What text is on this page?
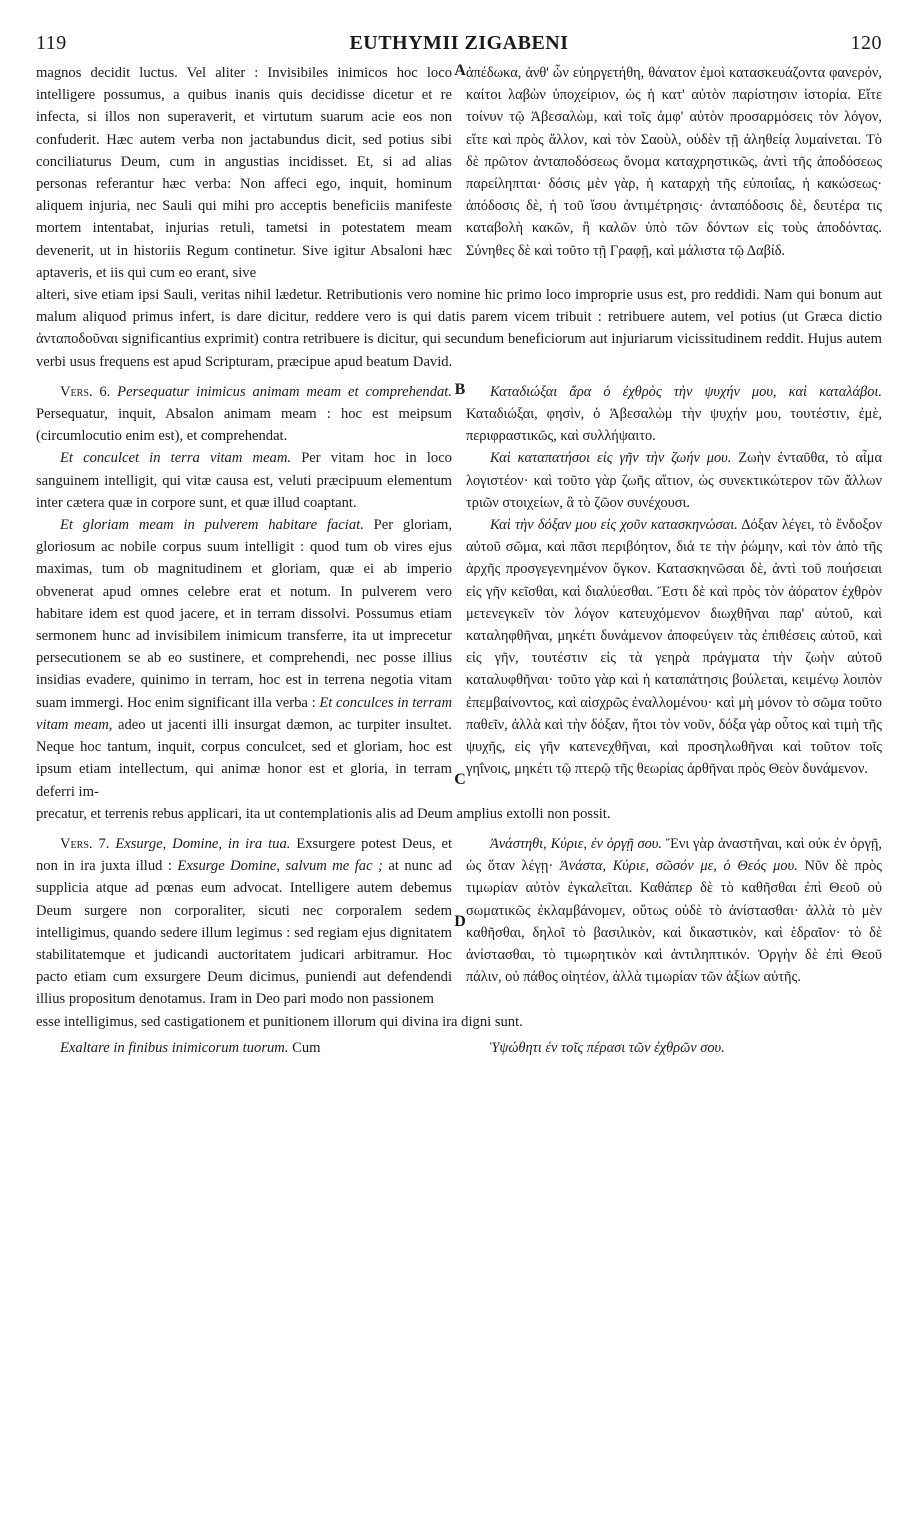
119	EUTHYMII ZIGABENI	120
A

magnos decidit luctus. Vel aliter : Invisibiles inimicos hoc loco intelligere possumus, a quibus inanis quis decidisse dicetur et re infecta, si illos non superaverit, et virtutum suarum acie eos non confuderit. Hæc autem verba non jactabundus dicit, sed potius sibi conciliaturus Deum, cum in angustias incidisset. Et, si ad alias personas referantur hæc verba: Non affeci ego, inquit, hominum aliquem injuria, nec Sauli qui mihi pro acceptis beneficiis manifeste mortem intentabat, injurias retuli, tametsi in potestatem meam devenerit, ut in historiis Regum continetur. Sive igitur Absaloni hæc aptaveris, et iis qui cum eo erant, sive

ἀπέδωκα, ἀνθ' ὧν εὐηργετήθη, θάνατον ἐμοὶ κατασκευάζοντα φανερόν, καίτοι λαβὼν ὑποχείριον, ὡς ἡ κατ' αὐτὸν παρίστησιν ἱστορία. Εἴτε τοίνυν τῷ Ἀβεσαλὼμ, καὶ τοῖς ἀμφ' αὐτὸν προσαρμόσεις τὸν λόγον, εἴτε καὶ πρὸς ἄλλον, καὶ τὸν Σαοὺλ, οὐδὲν τῇ ἀληθείᾳ λυμαίνεται. Τὸ δὲ πρῶτον ἀνταποδόσεως ὄνομα καταχρηστικῶς, ἀντὶ τῆς ἀποδόσεως παρείληπται· δόσις μὲν γὰρ, ἡ καταρχὴ τῆς εὐποιΐας, ἡ κακώσεως· ἀπόδοσις δὲ, ἡ τοῦ ἴσου ἀντιμέτρησις· ἀνταπόδοσις δὲ, δευτέρα τις καταβολὴ κακῶν, ἢ καλῶν ὑπὸ τῶν δόντων εἰς τοὺς ἀποδόντας. Σύνηθες δὲ καὶ τοῦτο τῇ Γραφῇ, καὶ μάλιστα τῷ Δαβίδ.

alteri, sive etiam ipsi Sauli, veritas nihil lædetur. Retributionis vero nomine hic primo loco improprie usus est, pro reddidi. Nam qui bonum aut malum aliquod primus infert, is dare dicitur, reddere vero is qui datis parem vicem tribuit : retribuere autem, vel potius (ut Græca dictio ἀνταποδοῦναι significantius exprimit) contra retribuere is dicitur, qui secundum beneficiorum aut injuriarum vicissitudinem reddit. Hujus autem verbi usus frequens est apud Scripturam, præcipue apud beatum David.

B

Vers. 6. Persequatur inimicus animam meam et comprehendat. Persequatur, inquit, Absalon animam meam : hoc est meipsum (circumlocutio enim est), et comprehendat.

Et conculcet in terra vitam meam. Per vitam hoc in loco sanguinem intelligit, qui vitæ causa est, veluti præcipuum elementum inter cætera quæ in corpore sunt, et quæ illud coaptant.

Et gloriam meam in pulverem habitare faciat. Per gloriam, gloriosum ac nobile corpus suum intelligit : quod tum ob vires ejus maximas, tum ob magnitudinem et gloriam, quæ ei ab imperio obvenerat apud omnes celebre erat et notum. In pulverem vero habitare idem est quod jacere, et in terram dissolvi. Possumus etiam sermonem hunc ad invisibilem inimicum transferre, ita ut imprecetur persecutionem se ab eo sustinere, et comprehendi, nec posse illius insidias evadere, quinimo in terram, hoc est in terrena negotia vitam suam immergi. Hoc enim significant illa verba : Et conculces in terram vitam meam, adeo ut jacenti illi insurgat dæmon, ac turpiter insultet. Neque hoc tantum, inquit, corpus conculcet, sed et gloriam, hoc est ipsum etiam intellectum, qui animæ honor est et gloria, in terram deferri im-

Καταδιώξαι ἄρα ὁ ἐχθρὸς τὴν ψυχήν μου, καὶ καταλάβοι. Καταδιώξαι, φησὶν, ὁ Ἀβεσαλὼμ τὴν ψυχήν μου, τουτέστιν, ἐμὲ, περιφραστικῶς, καὶ συλλήψαιτο.

Καὶ καταπατήσοι εἰς γῆν τὴν ζωήν μου. Ζωὴν ἐνταῦθα, τὸ αἷμα λογιστέον· καὶ τοῦτο γὰρ ζωῆς αἴτιον, ὡς συνεκτικώτερον τῶν ἄλλων τριῶν στοιχείων, ἃ τὸ ζῶον συνέχουσι.

Καὶ τὴν δόξαν μου εἰς χοῦν κατασκηνώσαι. Δόξαν λέγει, τὸ ἔνδοξον αὐτοῦ σῶμα, καὶ πᾶσι περιβόητον, διά τε τὴν ῥώμην, καὶ τὸν ἀπὸ τῆς ἀρχῆς προσγεγενημένον ὄγκον. Κατασκηνῶσαι δὲ, ἀντὶ τοῦ ποιήσειαι εἰς γῆν κεῖσθαι, καὶ διαλύεσθαι. Ἔστι δὲ καὶ πρὸς τὸν ἀόρατον ἐχθρὸν μετενεγκεῖν τὸν λόγον κατευχόμενον διωχθῆναι παρ' αὐτοῦ, καὶ καταληφθῆναι, μηκέτι δυνάμενον ἀποφεύγειν τὰς ἐπιθέσεις αὐτοῦ, καὶ εἰς γῆν, τουτέστιν εἰς τὰ γεηρὰ πράγματα τὴν ζωὴν αὐτοῦ καταλυφθῆναι· τοῦτο γὰρ καὶ ἡ καταπάτησις βούλεται, κειμένῳ λοιπὸν ἐπεμβαίνοντος, καὶ αἰσχρῶς ἐναλλομένου· καὶ μὴ μόνον τὸ σῶμα τοῦτο παθεῖν, ἀλλὰ καὶ τὴν δόξαν, ἤτοι τὸν νοῦν, δόξα γὰρ οὗτος καὶ τιμὴ τῆς ψυχῆς, εἰς γῆν κατενεχθῆναι, καὶ προσηλωθῆναι καὶ τοῦτον τοῖς γηΐνοις, μηκέτι τῷ πτερῷ τῆς θεωρίας ἀρθῆναι πρὸς Θεὸν δυνάμενον.

C

precatur, et terrenis rebus applicari, ita ut contemplationis alis ad Deum amplius extolli non possit.

D

Vers. 7. Exsurge, Domine, in ira tua. Exsurgere potest Deus, et non in ira juxta illud : Exsurge Domine, salvum me fac ; at nunc ad supplicia atque ad pœnas eum advocat. Intelligere autem debemus Deum surgere non corporaliter, sicuti nec corporalem sedem intelligimus, quando sedere illum legimus : sed regiam ejus dignitatem stabilitatemque et judicandi auctoritatem judicari arbitramur. Hoc pacto etiam cum exsurgere Deum dicimus, puniendi aut defendendi illius propositum denotamus. Iram in Deo pari modo non passionem

Ἀνάστηθι, Κύριε, ἐν ὀργῇ σου. Ἔνι γὰρ ἀναστῆναι, καὶ οὐκ ἐν ὀργῇ, ὡς ὅταν λέγῃ· Ἀνάστα, Κύριε, σῶσόν με, ὁ Θεός μου. Νῦν δὲ πρὸς τιμωρίαν αὐτὸν ἐγκαλεῖται. Καθάπερ δὲ τὸ καθῆσθαι ἐπὶ Θεοῦ οὐ σωματικῶς ἐκλαμβάνομεν, οὕτως οὐδὲ τὸ ἀνίστασθαι· ἀλλὰ τὸ μὲν καθῆσθαι, δηλοῖ τὸ βασιλικὸν, καὶ δικαστικὸν, καὶ ἑδραῖον· τὸ δὲ ἀνίστασθαι, τὸ τιμωρητικὸν καὶ ἀντιληπτικόν. Ὀργὴν δὲ ἐπὶ Θεοῦ πάλιν, οὐ πάθος οἰητέον, ἀλλὰ τιμωρίαν τῶν ἀξίων αὐτῆς.

esse intelligimus, sed castigationem et punitionem illorum qui divina ira digni sunt.

Exaltare in finibus inimicorum tuorum. Cum	Ὑψώθητι ἐν τοῖς πέρασι τῶν ἐχθρῶν σου.
